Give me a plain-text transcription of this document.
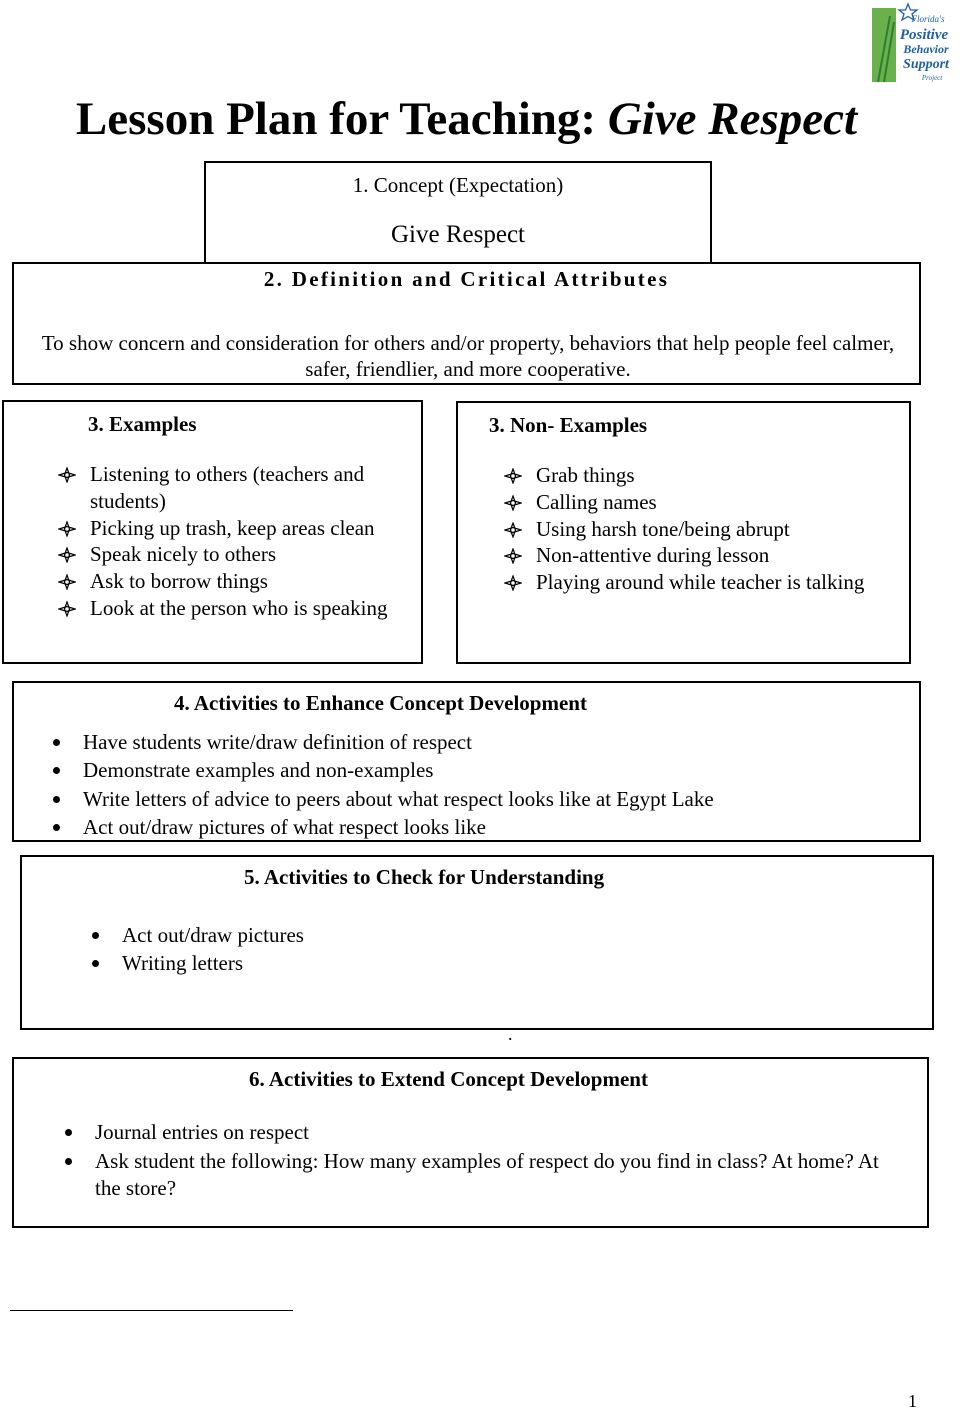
Florida's
Positive
Behavior
Support
Project
Lesson Plan for Teaching: Give Respect
1. Concept (Expectation)
Give Respect
2. Definition and Critical Attributes
To show concern and consideration for others and/or property, behaviors that help people feel calmer, safer, friendlier, and more cooperative.
3. Examples
Listening to others (teachers and students)
Picking up trash, keep areas clean
Speak nicely to others
Ask to borrow things
Look at the person who is speaking
3. Non- Examples
Grab things
Calling names
Using harsh tone/being abrupt
Non-attentive during lesson
Playing around while teacher is talking
4. Activities to Enhance Concept Development
Have students write/draw definition of respect
Demonstrate examples and non-examples
Write letters of advice to peers about what respect looks like at Egypt Lake
Act out/draw pictures of what respect looks like
5. Activities to Check for Understanding
Act out/draw pictures
Writing letters
.
6. Activities to Extend Concept Development
Journal entries on respect
Ask student the following: How many examples of respect do you find in class? At home? At the store?
1
